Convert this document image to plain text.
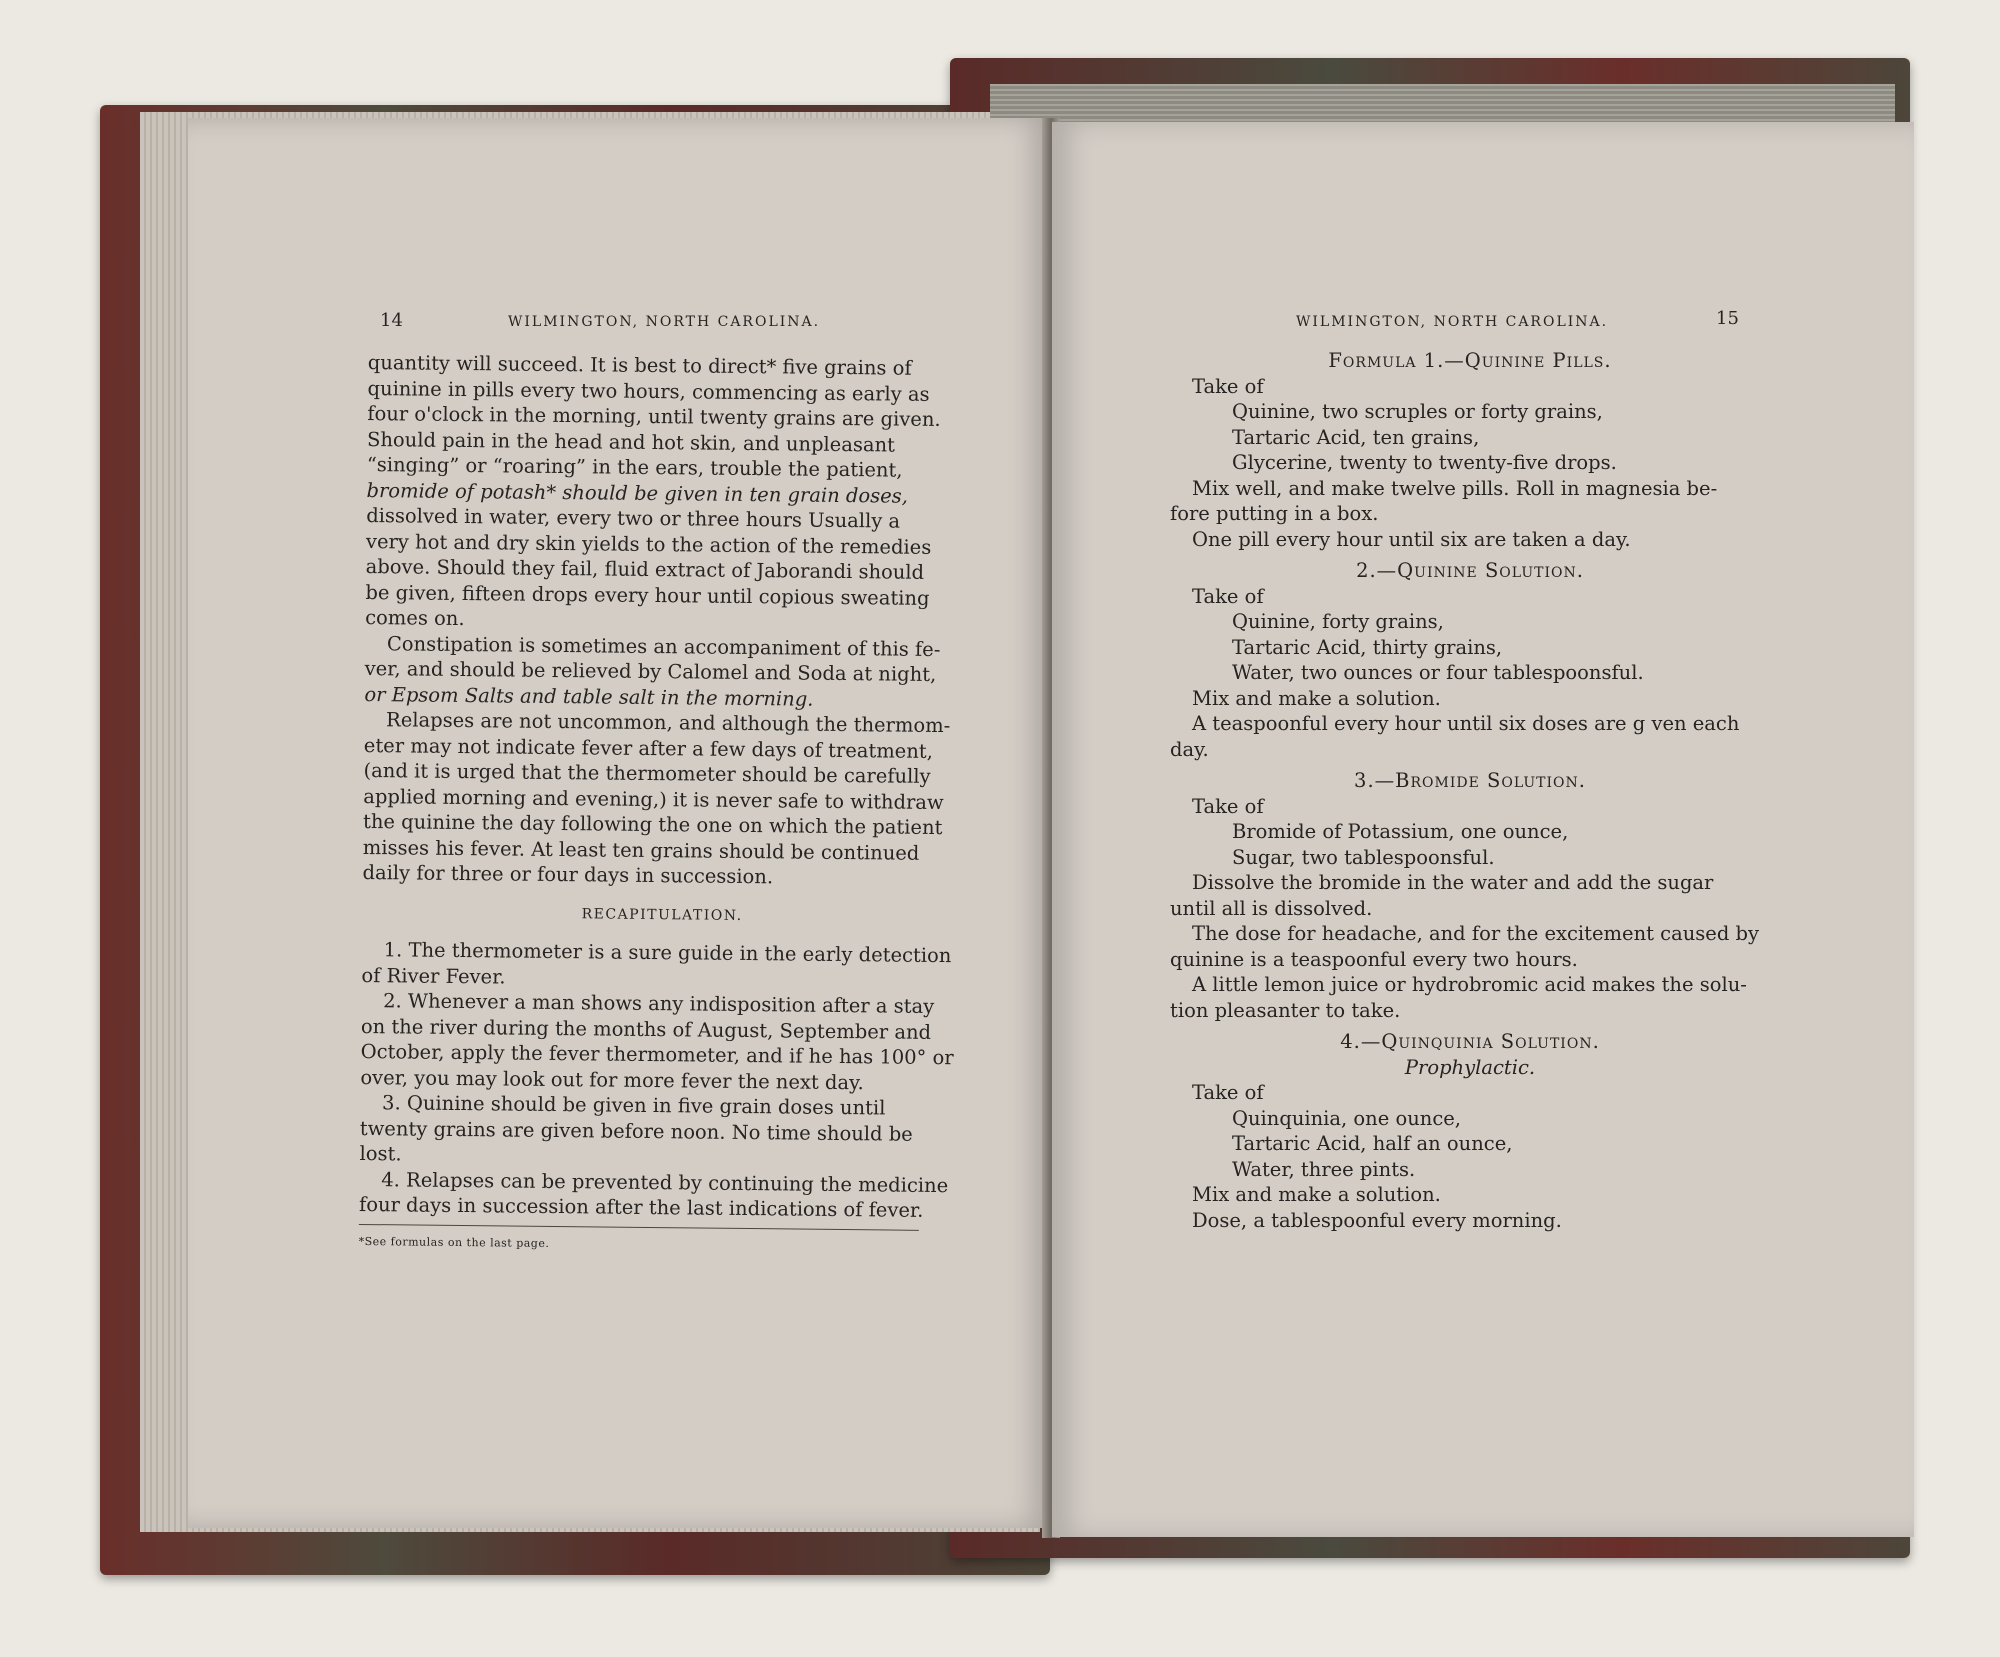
14	WILMINGTON, NORTH CAROLINA.
quantity will succeed. It is best to direct* five grains of
quinine in pills every two hours, commencing as early as
four o'clock in the morning, until twenty grains are given.
Should pain in the head and hot skin, and unpleasant
“singing” or “roaring” in the ears, trouble the patient,
bromide of potash* should be given in ten grain doses,
dissolved in water, every two or three hours Usually a
very hot and dry skin yields to the action of the remedies
above. Should they fail, fluid extract of Jaborandi should
be given, fifteen drops every hour until copious sweating
comes on.
Constipation is sometimes an accompaniment of this fe-
ver, and should be relieved by Calomel and Soda at night,
or Epsom Salts and table salt in the morning.
Relapses are not uncommon, and although the thermom-
eter may not indicate fever after a few days of treatment,
(and it is urged that the thermometer should be carefully
applied morning and evening,) it is never safe to withdraw
the quinine the day following the one on which the patient
misses his fever. At least ten grains should be continued
daily for three or four days in succession.
RECAPITULATION.
1. The thermometer is a sure guide in the early detection
of River Fever.
2. Whenever a man shows any indisposition after a stay
on the river during the months of August, September and
October, apply the fever thermometer, and if he has 100° or
over, you may look out for more fever the next day.
3. Quinine should be given in five grain doses until
twenty grains are given before noon. No time should be
lost.
4. Relapses can be prevented by continuing the medicine
four days in succession after the last indications of fever.
*See formulas on the last page.
WILMINGTON, NORTH CAROLINA.	15
Formula 1.—Quinine Pills.
Take of
Quinine, two scruples or forty grains,
Tartaric Acid, ten grains,
Glycerine, twenty to twenty-five drops.
Mix well, and make twelve pills. Roll in magnesia be-
fore putting in a box.
One pill every hour until six are taken a day.
2.—Quinine Solution.
Take of
Quinine, forty grains,
Tartaric Acid, thirty grains,
Water, two ounces or four tablespoonsful.
Mix and make a solution.
A teaspoonful every hour until six doses are g ven each
day.
3.—Bromide Solution.
Take of
Bromide of Potassium, one ounce,
Sugar, two tablespoonsful.
Dissolve the bromide in the water and add the sugar
until all is dissolved.
The dose for headache, and for the excitement caused by
quinine is a teaspoonful every two hours.
A little lemon juice or hydrobromic acid makes the solu-
tion pleasanter to take.
4.—Quinquinia Solution.
Prophylactic.
Take of
Quinquinia, one ounce,
Tartaric Acid, half an ounce,
Water, three pints.
Mix and make a solution.
Dose, a tablespoonful every morning.
